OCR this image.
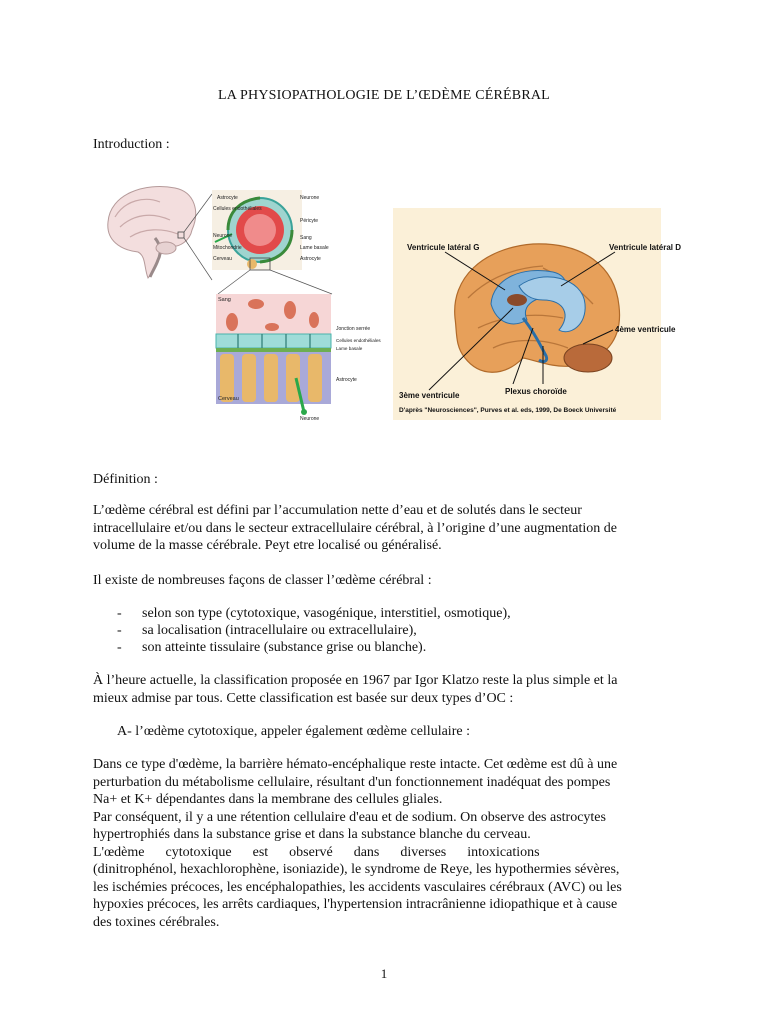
LA PHYSIOPATHOLOGIE DE L’ŒDÈME CÉRÉBRAL
Introduction :
Astrocyte
Cellules endothéliales
Neurone
Mitochondrie
Cerveau
Neurone
Péricyte
Sang
Lame basale
Astrocyte
Sang
Cerveau
Jonction serrée
Cellules endothéliales
Lame basale
Astrocyte
Neurone
Ventricule latéral G	Ventricule latéral D
4ème ventricule
3ème ventricule	Plexus choroïde
D'après "Neurosciences", Purves et al. eds, 1999, De Boeck Université
Définition :
L’œdème cérébral est défini par l’accumulation nette d’eau et de solutés dans le secteur
intracellulaire et/ou dans le secteur extracellulaire cérébral, à l’origine d’une augmentation de
volume de la masse cérébrale. Peyt etre localisé ou généralisé.
Il existe de nombreuses façons de classer l’œdème cérébral :
- selon son type (cytotoxique, vasogénique, interstitiel, osmotique),
- sa localisation (intracellulaire ou extracellulaire),
- son atteinte tissulaire (substance grise ou blanche).
À l’heure actuelle, la classification proposée en 1967 par Igor Klatzo reste la plus simple et la
mieux admise par tous. Cette classification est basée sur deux types d’OC :
A- l’œdème cytotoxique, appeler également œdème cellulaire :
Dans ce type d'œdème, la barrière hémato-encéphalique reste intacte. Cet œdème est dû à une
perturbation du métabolisme cellulaire, résultant d'un fonctionnement inadéquat des pompes
Na+ et K+ dépendantes dans la membrane des cellules gliales.
Par conséquent, il y a une rétention cellulaire d'eau et de sodium. On observe des astrocytes
hypertrophiés dans la substance grise et dans la substance blanche du cerveau.
L'œdème      cytotoxique      est      observé      dans      diverses      intoxications
(dinitrophénol, hexachlorophène, isoniazide), le syndrome de Reye, les hypothermies sévères,
les ischémies précoces, les encéphalopathies, les accidents vasculaires cérébraux (AVC) ou les
hypoxies précoces, les arrêts cardiaques, l'hypertension intracrânienne idiopathique et à cause
des toxines cérébrales.
1
